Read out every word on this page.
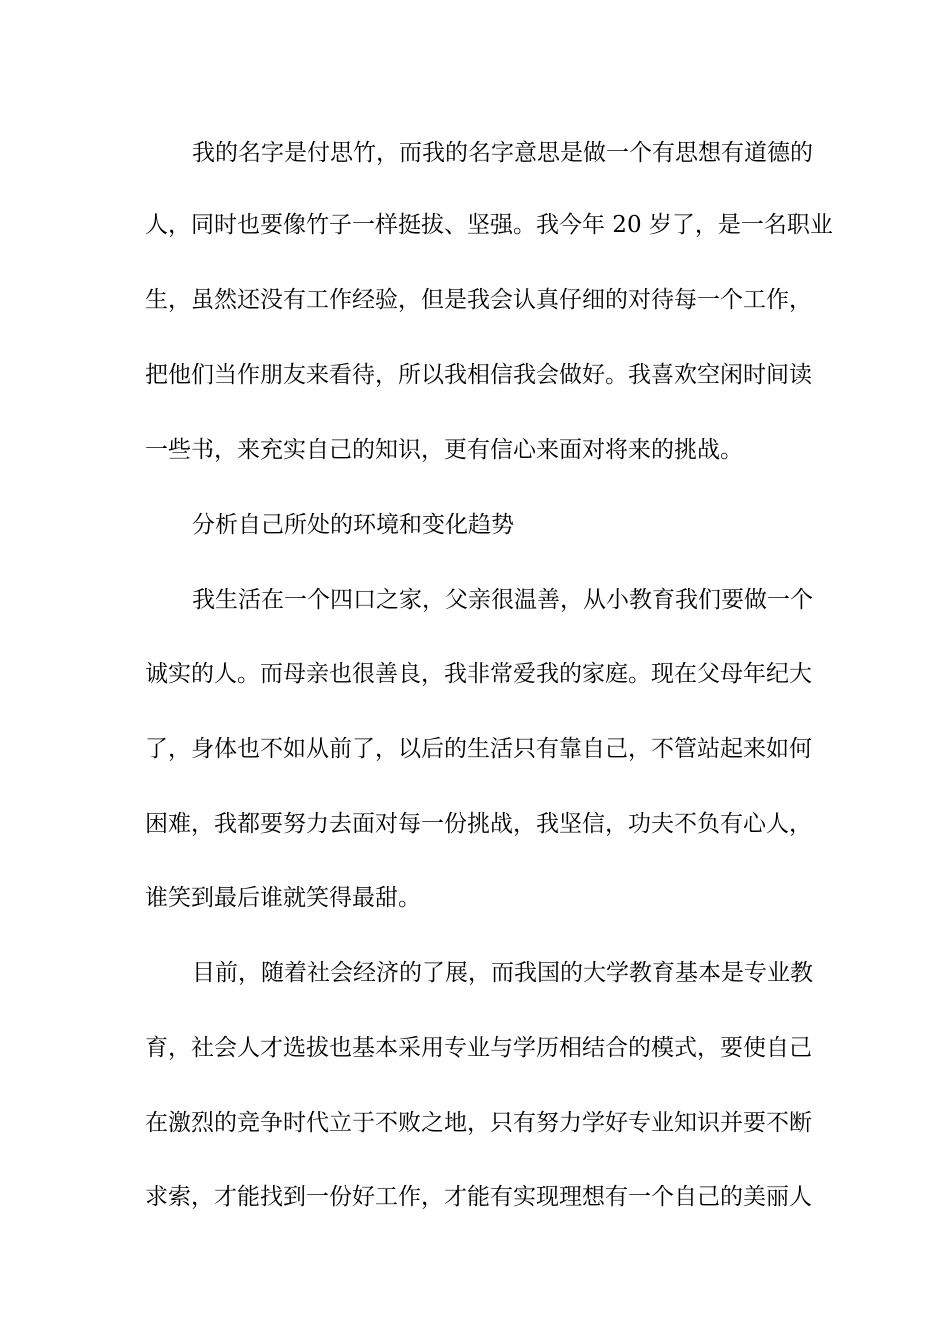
我的名字是付思竹，而我的名字意思是做一个有思想有道德的
人，同时也要像竹子一样挺拔、坚强。我今年 20 岁了，是一名职业
生，虽然还没有工作经验，但是我会认真仔细的对待每一个工作，
把他们当作朋友来看待，所以我相信我会做好。我喜欢空闲时间读
一些书，来充实自己的知识，更有信心来面对将来的挑战。
分析自己所处的环境和变化趋势
我生活在一个四口之家，父亲很温善，从小教育我们要做一个
诚实的人。而母亲也很善良，我非常爱我的家庭。现在父母年纪大
了，身体也不如从前了，以后的生活只有靠自己，不管站起来如何
困难，我都要努力去面对每一份挑战，我坚信，功夫不负有心人，
谁笑到最后谁就笑得最甜。
目前，随着社会经济的了展，而我国的大学教育基本是专业教
育，社会人才选拔也基本采用专业与学历相结合的模式，要使自己
在激烈的竞争时代立于不败之地，只有努力学好专业知识并要不断
求索，才能找到一份好工作，才能有实现理想有一个自己的美丽人
